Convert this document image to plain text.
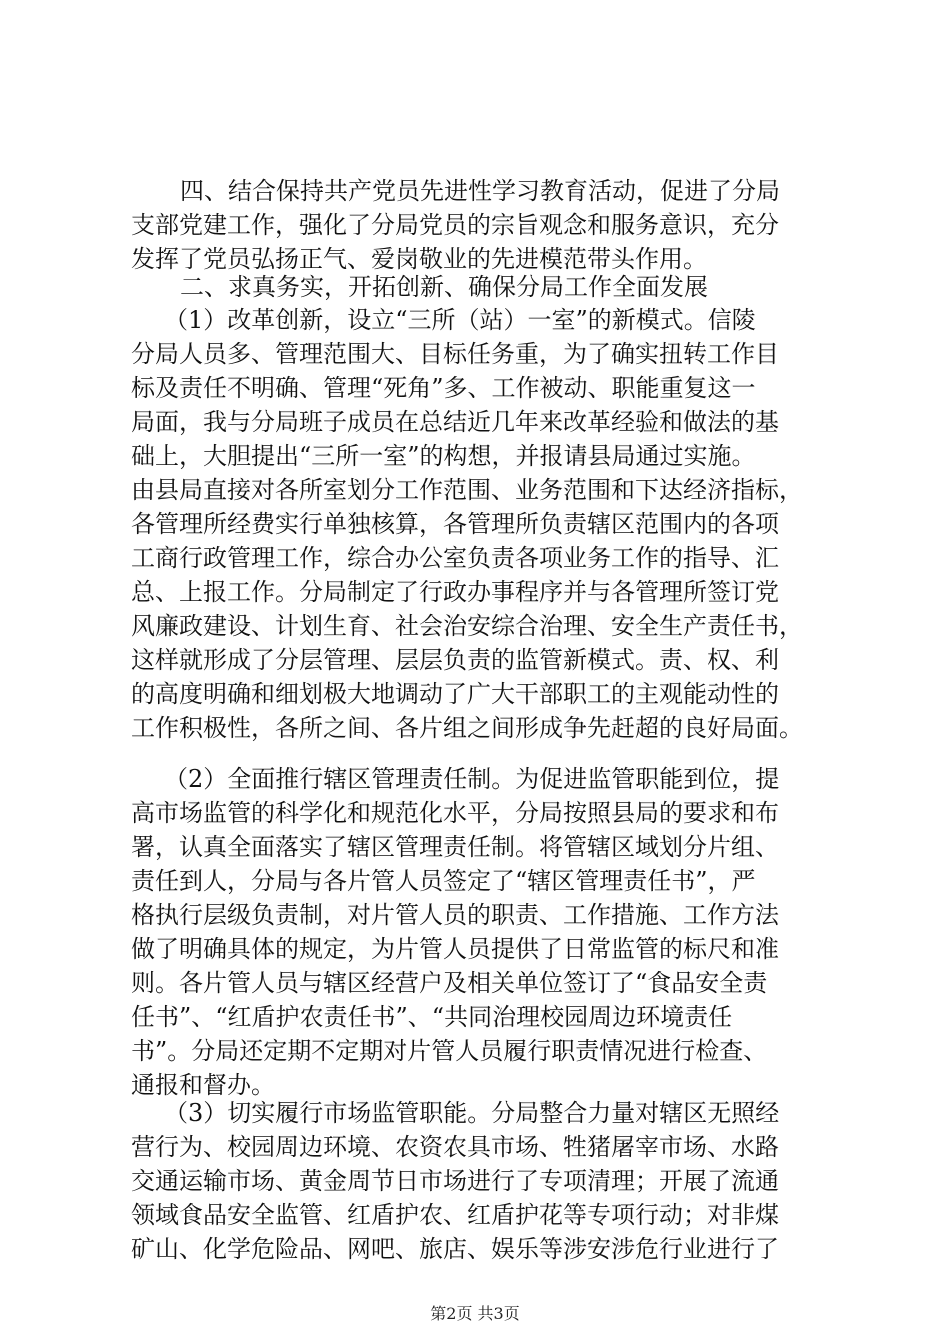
四、结合保持共产党员先进性学习教育活动，促进了分局
支部党建工作，强化了分局党员的宗旨观念和服务意识，充分
发挥了党员弘扬正气、爱岗敬业的先进模范带头作用。
二、求真务实，开拓创新、确保分局工作全面发展
（1）改革创新，设立“三所（站）一室”的新模式。信陵
分局人员多、管理范围大、目标任务重，为了确实扭转工作目
标及责任不明确、管理“死角”多、工作被动、职能重复这一
局面，我与分局班子成员在总结近几年来改革经验和做法的基
础上，大胆提出“三所一室”的构想，并报请县局通过实施。
由县局直接对各所室划分工作范围、业务范围和下达经济指标，
各管理所经费实行单独核算，各管理所负责辖区范围内的各项
工商行政管理工作，综合办公室负责各项业务工作的指导、汇
总、上报工作。分局制定了行政办事程序并与各管理所签订党
风廉政建设、计划生育、社会治安综合治理、安全生产责任书，
这样就形成了分层管理、层层负责的监管新模式。责、权、利
的高度明确和细划极大地调动了广大干部职工的主观能动性的
工作积极性，各所之间、各片组之间形成争先赶超的良好局面。
（2）全面推行辖区管理责任制。为促进监管职能到位，提
高市场监管的科学化和规范化水平，分局按照县局的要求和布
署，认真全面落实了辖区管理责任制。将管辖区域划分片组、
责任到人，分局与各片管人员签定了“辖区管理责任书”，严
格执行层级负责制，对片管人员的职责、工作措施、工作方法
做了明确具体的规定，为片管人员提供了日常监管的标尺和准
则。各片管人员与辖区经营户及相关单位签订了“食品安全责
任书”、“红盾护农责任书”、“共同治理校园周边环境责任
书”。分局还定期不定期对片管人员履行职责情况进行检查、
通报和督办。
（3）切实履行市场监管职能。分局整合力量对辖区无照经
营行为、校园周边环境、农资农具市场、牲猪屠宰市场、水路
交通运输市场、黄金周节日市场进行了专项清理；开展了流通
领域食品安全监管、红盾护农、红盾护花等专项行动；对非煤
矿山、化学危险品、网吧、旅店、娱乐等涉安涉危行业进行了
第2页 共3页
